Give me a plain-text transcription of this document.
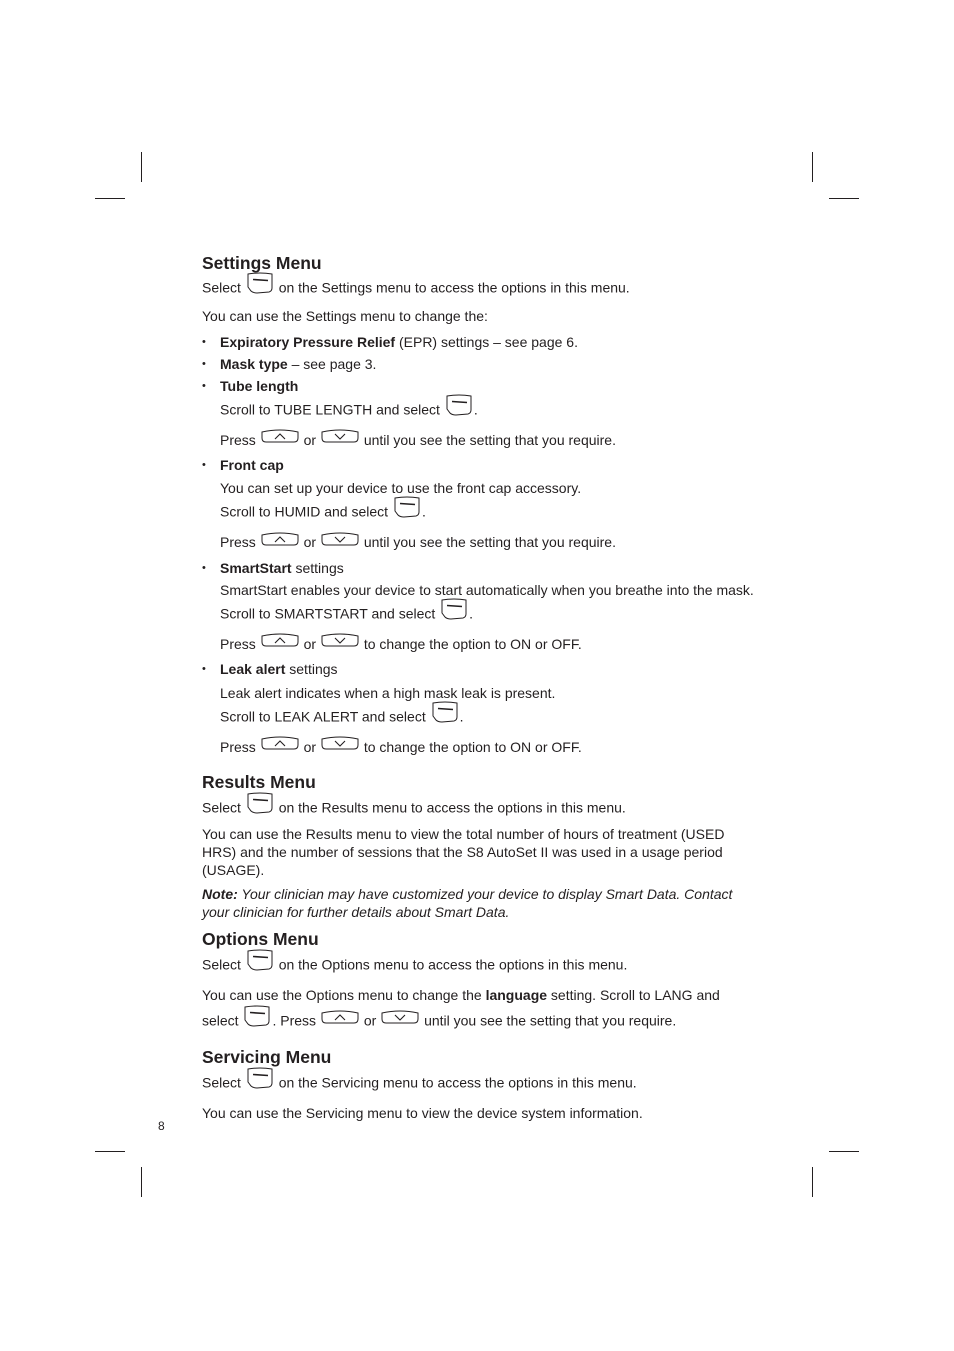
Settings Menu

Select	on the Settings menu to access the options in this menu.

You can use the Settings menu to change the:

• Expiratory Pressure Relief (EPR) settings – see page 6.

• Mask type – see page 3.

• Tube length

Scroll to TUBE LENGTH and select .

Press	or	until you see the setting that you require.

• Front cap

You can set up your device to use the front cap accessory.

Scroll to HUMID and select .

Press	or	until you see the setting that you require.

• SmartStart settings

SmartStart enables your device to start automatically when you breathe into the mask.

Scroll to SMARTSTART and select .

Press	or	to change the option to ON or OFF.

• Leak alert settings

Leak alert indicates when a high mask leak is present.

Scroll to LEAK ALERT and select .

Press	or	to change the option to ON or OFF.

Results Menu

Select	on the Results menu to access the options in this menu.

You can use the Results menu to view the total number of hours of treatment (USED HRS) and the number of sessions that the S8 AutoSet II was used in a usage period (USAGE).

Note: Your clinician may have customized your device to display Smart Data. Contact your clinician for further details about Smart Data.

Options Menu

Select	on the Options menu to access the options in this menu.

You can use the Options menu to change the language setting. Scroll to LANG and

select . Press	or	until you see the setting that you require.

Servicing Menu

Select	on the Servicing menu to access the options in this menu.

You can use the Servicing menu to view the device system information.

8
